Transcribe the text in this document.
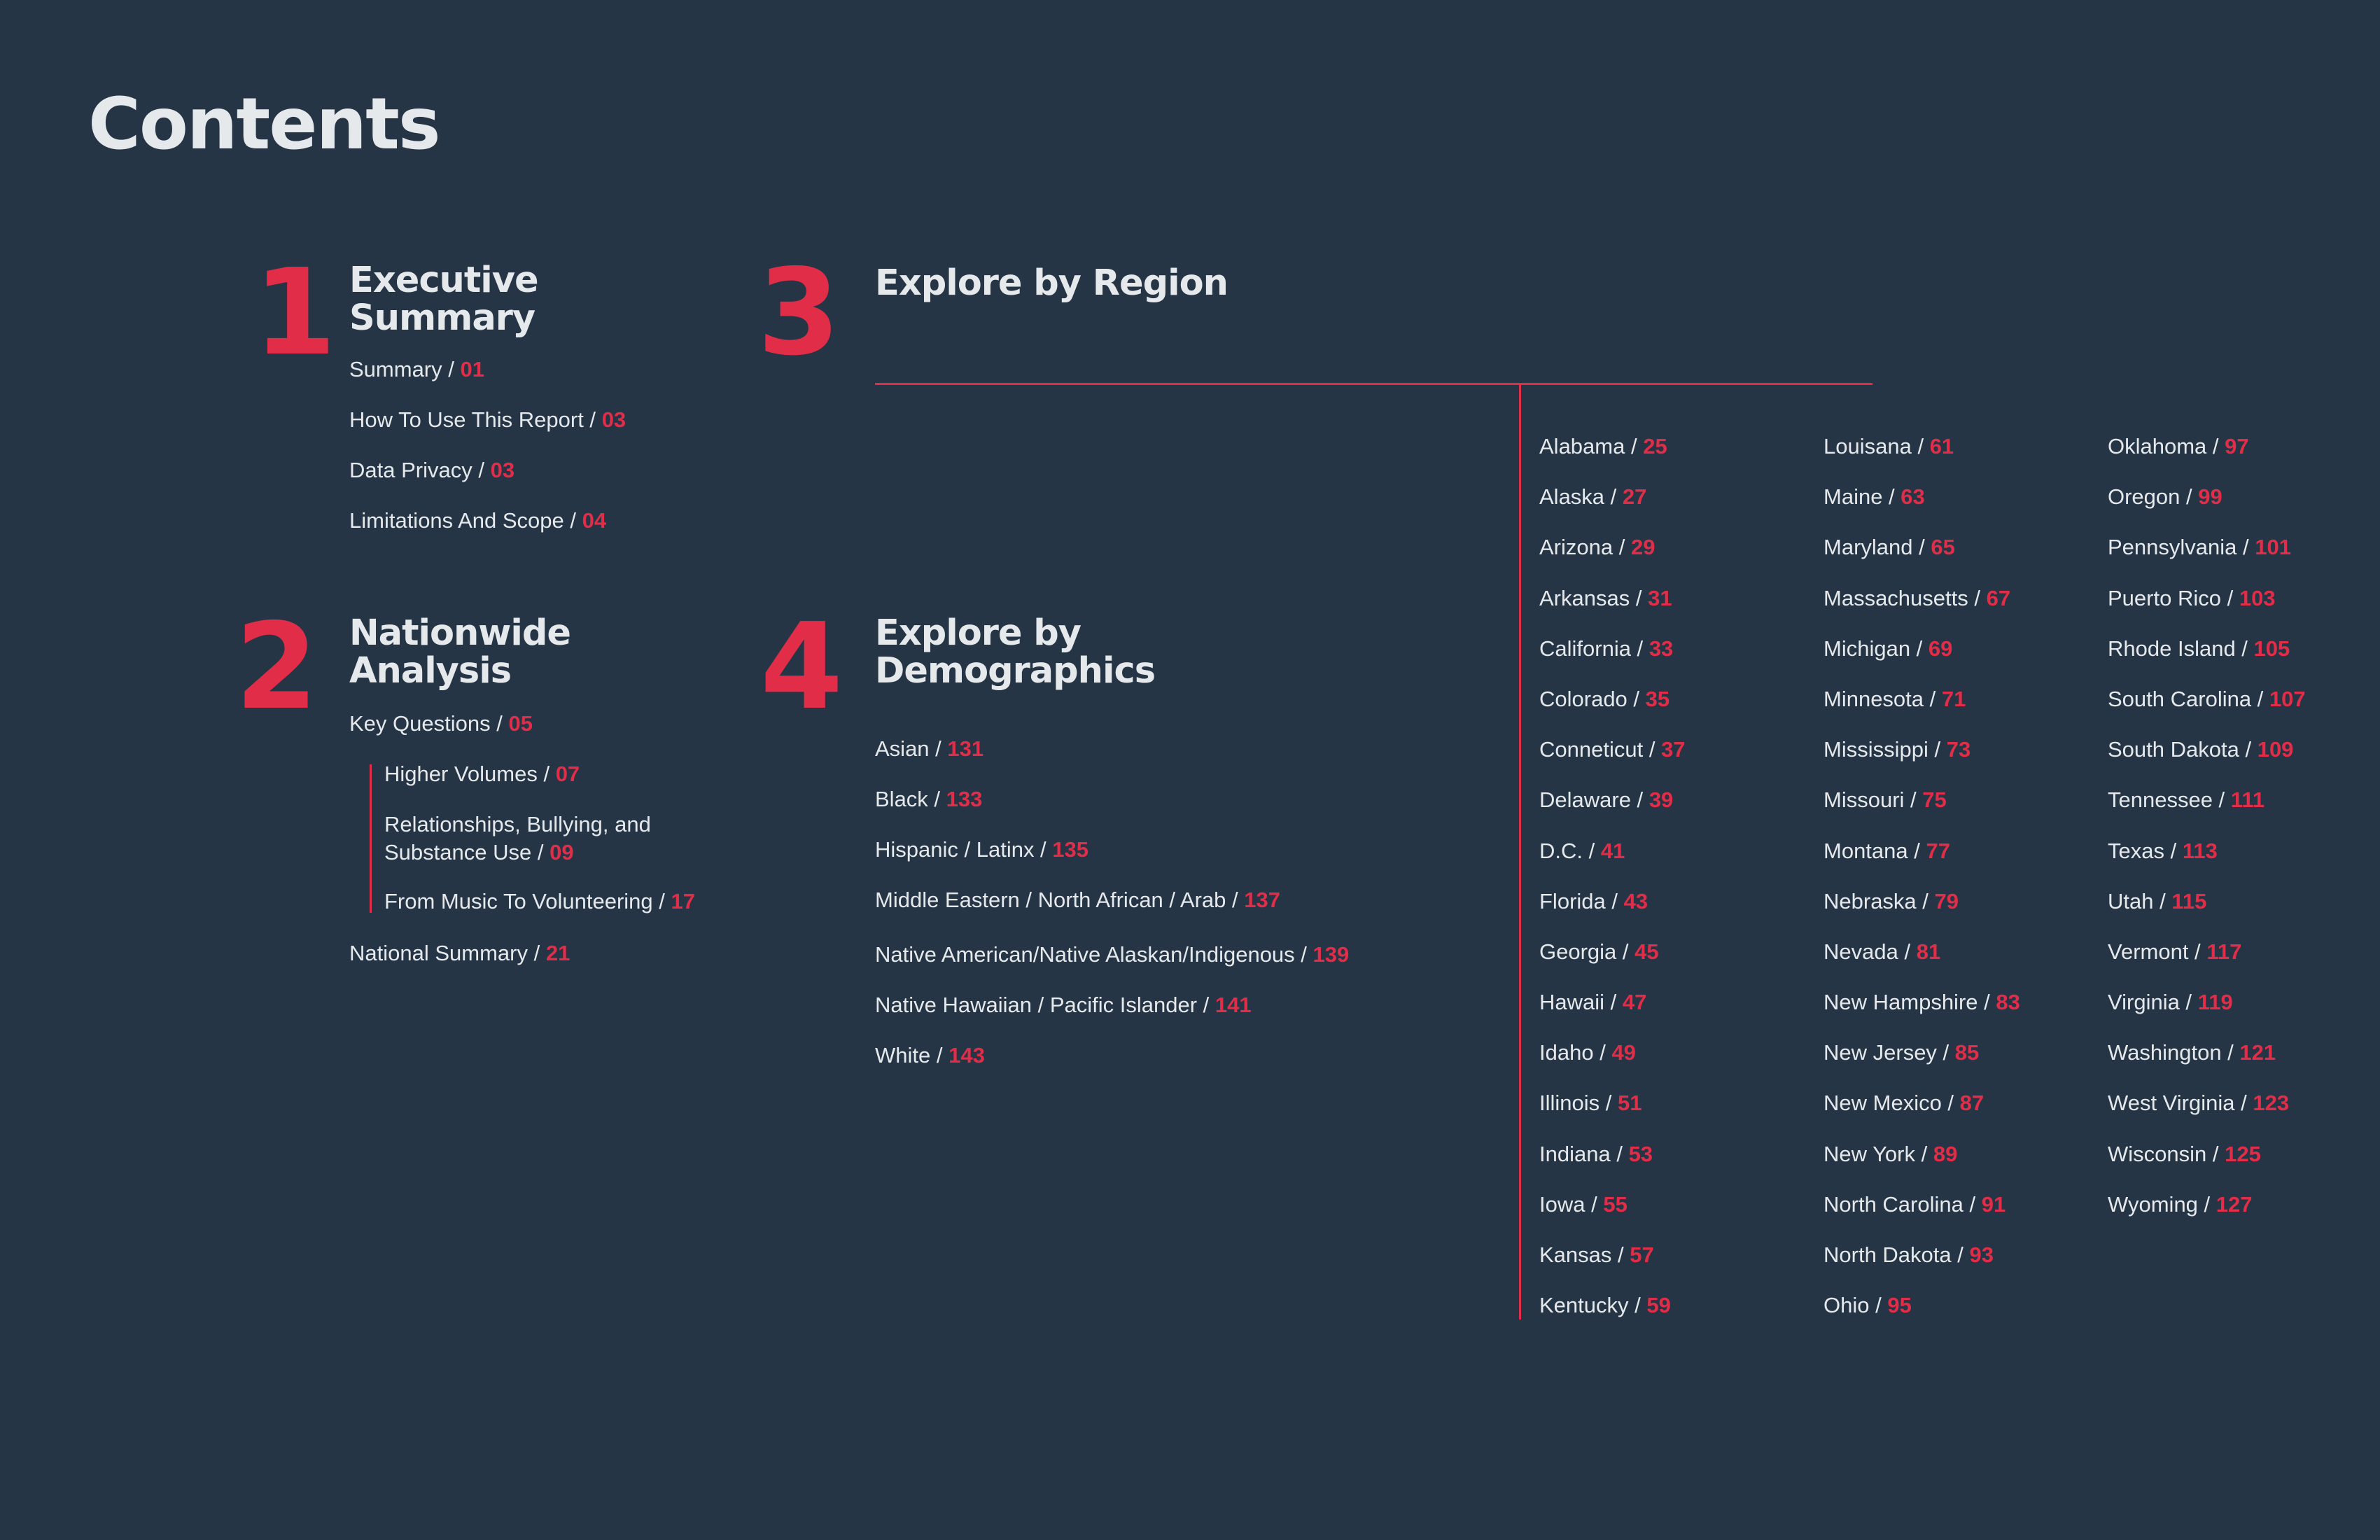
Contents
1 Executive
Summary
Summary / 01
How To Use This Report / 03
Data Privacy / 03
Limitations And Scope / 04
2 Nationwide
Analysis
Key Questions / 05
Higher Volumes / 07
Relationships, Bullying, and Substance Use / 09
From Music To Volunteering / 17
National Summary / 21
3 Explore by Region
4 Explore by
Demographics
Asian / 131
Black / 133
Hispanic / Latinx / 135
Middle Eastern / North African / Arab / 137
Native American/Native Alaskan/Indigenous / 139
Native Hawaiian / Pacific Islander / 141
White / 143
Alabama / 25
Alaska / 27
Arizona / 29
Arkansas / 31
California / 33
Colorado / 35
Conneticut / 37
Delaware / 39
D.C. / 41
Florida / 43
Georgia / 45
Hawaii / 47
Idaho / 49
Illinois / 51
Indiana / 53
Iowa / 55
Kansas / 57
Kentucky / 59
Louisana / 61
Maine / 63
Maryland / 65
Massachusetts / 67
Michigan / 69
Minnesota / 71
Mississippi / 73
Missouri / 75
Montana / 77
Nebraska / 79
Nevada / 81
New Hampshire / 83
New Jersey / 85
New Mexico / 87
New York / 89
North Carolina / 91
North Dakota / 93
Ohio / 95
Oklahoma / 97
Oregon / 99
Pennsylvania / 101
Puerto Rico / 103
Rhode Island / 105
South Carolina / 107
South Dakota / 109
Tennessee / 111
Texas / 113
Utah / 115
Vermont / 117
Virginia / 119
Washington / 121
West Virginia / 123
Wisconsin / 125
Wyoming / 127
